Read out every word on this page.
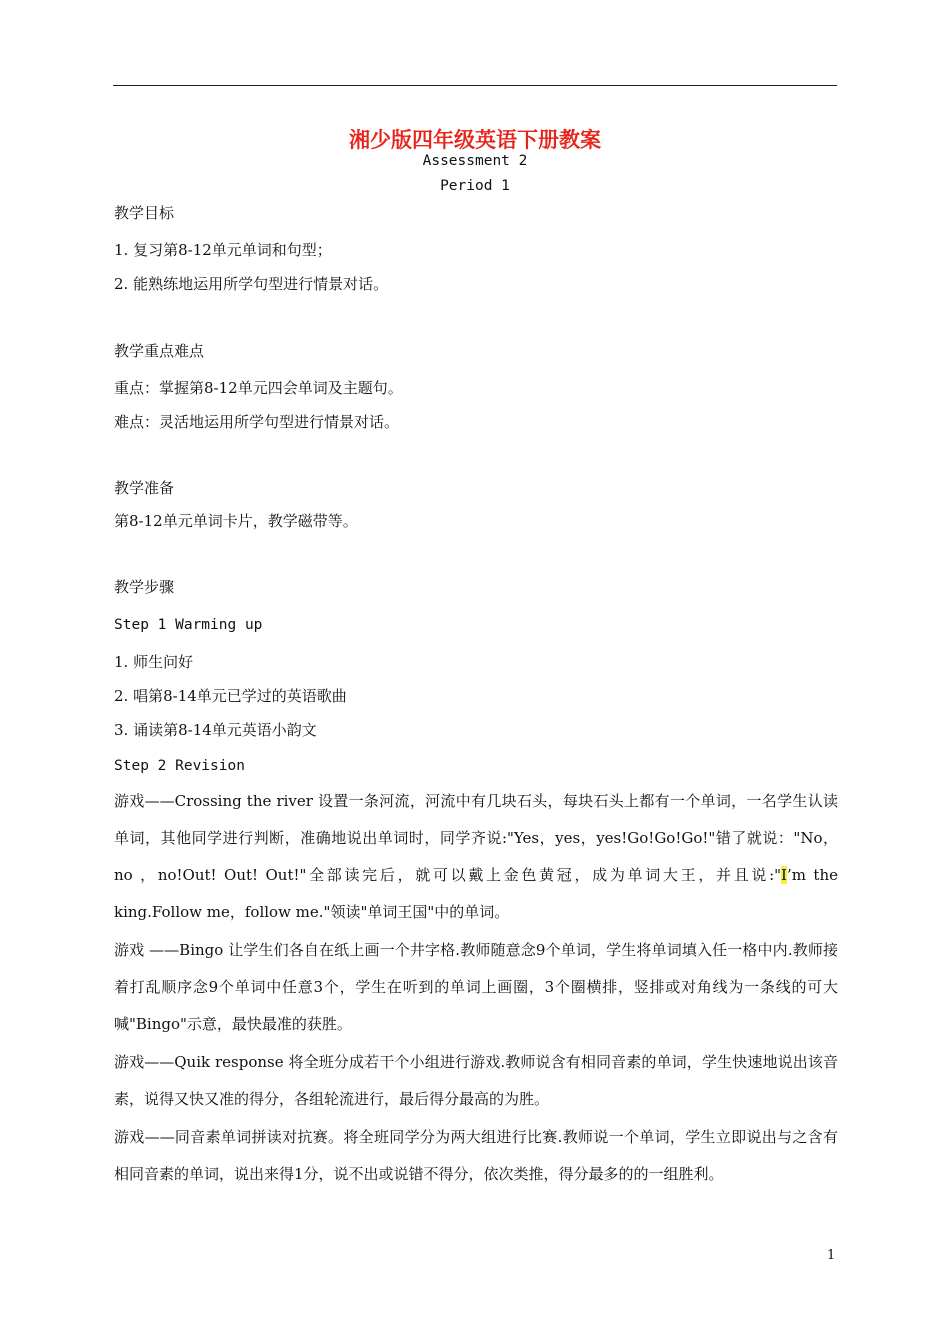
湘少版四年级英语下册教案
Assessment 2
Period 1
教学目标
1. 复习第8-12单元单词和句型；
2. 能熟练地运用所学句型进行情景对话。
教学重点难点
重点：掌握第8-12单元四会单词及主题句。
难点：灵活地运用所学句型进行情景对话。
教学准备
第8-12单元单词卡片，教学磁带等。
教学步骤
Step 1 Warming up
1. 师生问好
2. 唱第8-14单元已学过的英语歌曲
3. 诵读第8-14单元英语小韵文
Step 2 Revision
游戏——Crossing the river 设置一条河流，河流中有几块石头，每块石头上都有一个单词，一名学生认读单词，其他同学进行判断，准确地说出单词时，同学齐说:"Yes，yes，yes!Go!Go!Go!"错了就说："No，no ，no!Out! Out! Out!"全部读完后，就可以戴上金色黄冠，成为单词大王，并且说:"I’m the king.Follow me，follow me."领读"单词王国"中的单词。
游戏 ——Bingo 让学生们各自在纸上画一个井字格.教师随意念9个单词，学生将单词填入任一格中内.教师接着打乱顺序念9个单词中任意3个，学生在听到的单词上画圈，3个圈横排，竖排或对角线为一条线的可大喊"Bingo"示意，最快最准的获胜。
游戏——Quik response 将全班分成若干个小组进行游戏.教师说含有相同音素的单词，学生快速地说出该音素，说得又快又准的得分，各组轮流进行，最后得分最高的为胜。
游戏——同音素单词拼读对抗赛。将全班同学分为两大组进行比赛.教师说一个单词，学生立即说出与之含有相同音素的单词，说出来得1分，说不出或说错不得分，依次类推，得分最多的的一组胜利。
1
